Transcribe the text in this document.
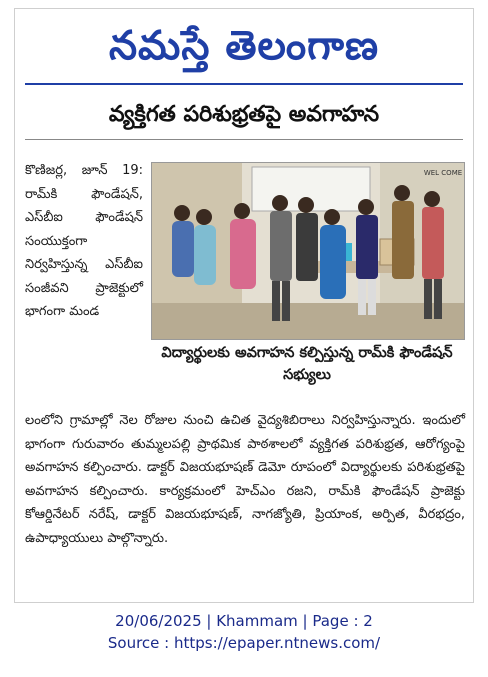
నమస్తే తెలంగాణ
వ్యక్తిగత పరిశుభ్రతపై అవగాహన

కొణిజర్ల, జూన్ 19: రామ్‌కి ఫౌండేషన్, ఎస్‌బీఐ ఫౌండేషన్ సంయుక్తంగా నిర్వహిస్తున్న ఎస్‌బీఐ సంజీవని ప్రాజెక్టులో భాగంగా మండ

WEL COME
విద్యార్థులకు అవగాహన కల్పిస్తున్న రామ్‌కి ఫౌండేషన్ సభ్యులు

లంలోని గ్రామాల్లో నెల రోజుల నుంచి ఉచిత వైద్యశిబిరాలు నిర్వహిస్తున్నారు. ఇందులో భాగంగా గురువారం తుమ్మలపల్లి ప్రాథమిక పాఠశాలలో వ్యక్తిగత పరిశుభ్రత, ఆరోగ్యంపై అవగాహన కల్పించారు. డాక్టర్ విజయభూషణ్ డెమో రూపంలో విద్యార్థులకు పరిశుభ్రతపై అవగాహన కల్పించారు. కార్యక్రమంలో హెచ్‌ఎం రజని, రామ్‌కి ఫౌండేషన్ ప్రాజెక్టు కోఆర్డినేటర్ నరేష్, డాక్టర్ విజయభూషణ్, నాగజ్యోతి, ప్రియాంక, అర్పిత, వీరభద్రం, ఉపాధ్యాయులు పాల్గొన్నారు.

20/06/2025 | Khammam | Page : 2
Source : https://epaper.ntnews.com/
